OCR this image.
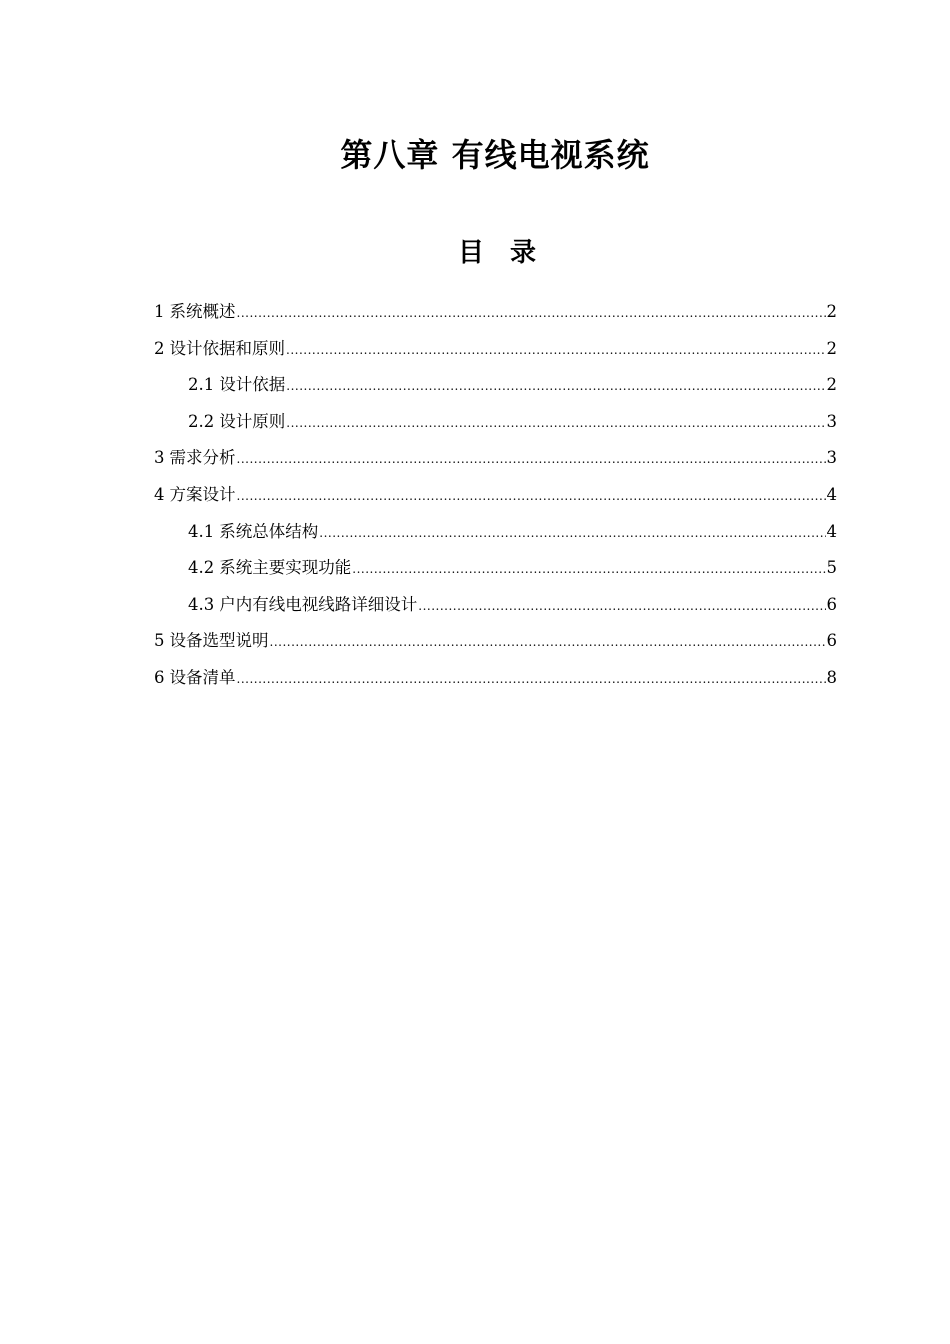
第八章 有线电视系统
目 录
1 系统概述 .....	2
2 设计依据和原则 .....	2
2.1 设计依据 .....	2
2.2 设计原则 .....	3
3 需求分析 .....	3
4 方案设计 .....	4
4.1 系统总体结构 .....	4
4.2 系统主要实现功能 .....	5
4.3 户内有线电视线路详细设计 .....	6
5 设备选型说明 .....	6
6 设备清单 .....	8
